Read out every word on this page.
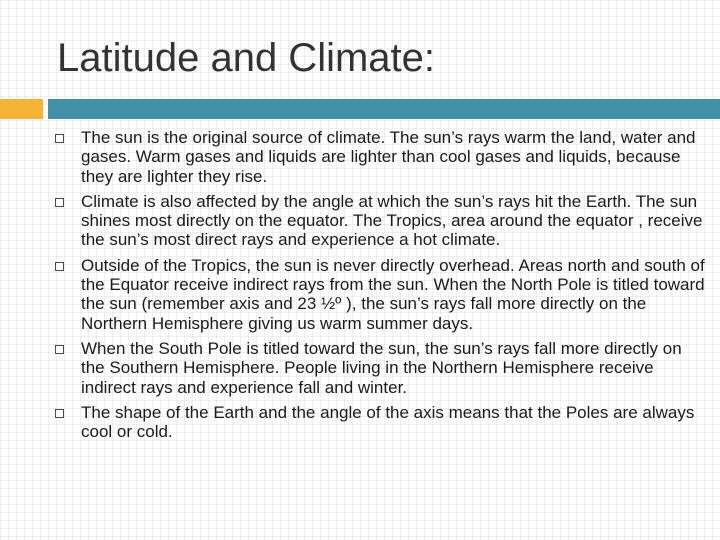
Latitude and Climate:
The sun is the original source of climate. The sun’s rays warm the land, water and gases. Warm gases and liquids are lighter than cool gases and liquids, because they are lighter they rise.
Climate is also affected by the angle at which the sun’s rays hit the Earth. The sun shines most directly on the equator. The Tropics, area around the equator , receive the sun’s most direct rays and experience a hot climate.
Outside of the Tropics, the sun is never directly overhead. Areas north and south of the Equator receive indirect rays from the sun. When the North Pole is titled toward the sun (remember axis and 23 ½º ), the sun’s rays fall more directly on the Northern Hemisphere giving us warm summer days.
When the South Pole is titled toward the sun, the sun’s rays fall more directly on the Southern Hemisphere. People living in the Northern Hemisphere receive indirect rays and experience fall and winter.
The shape of the Earth and the angle of the axis means that the Poles are always cool or cold.
